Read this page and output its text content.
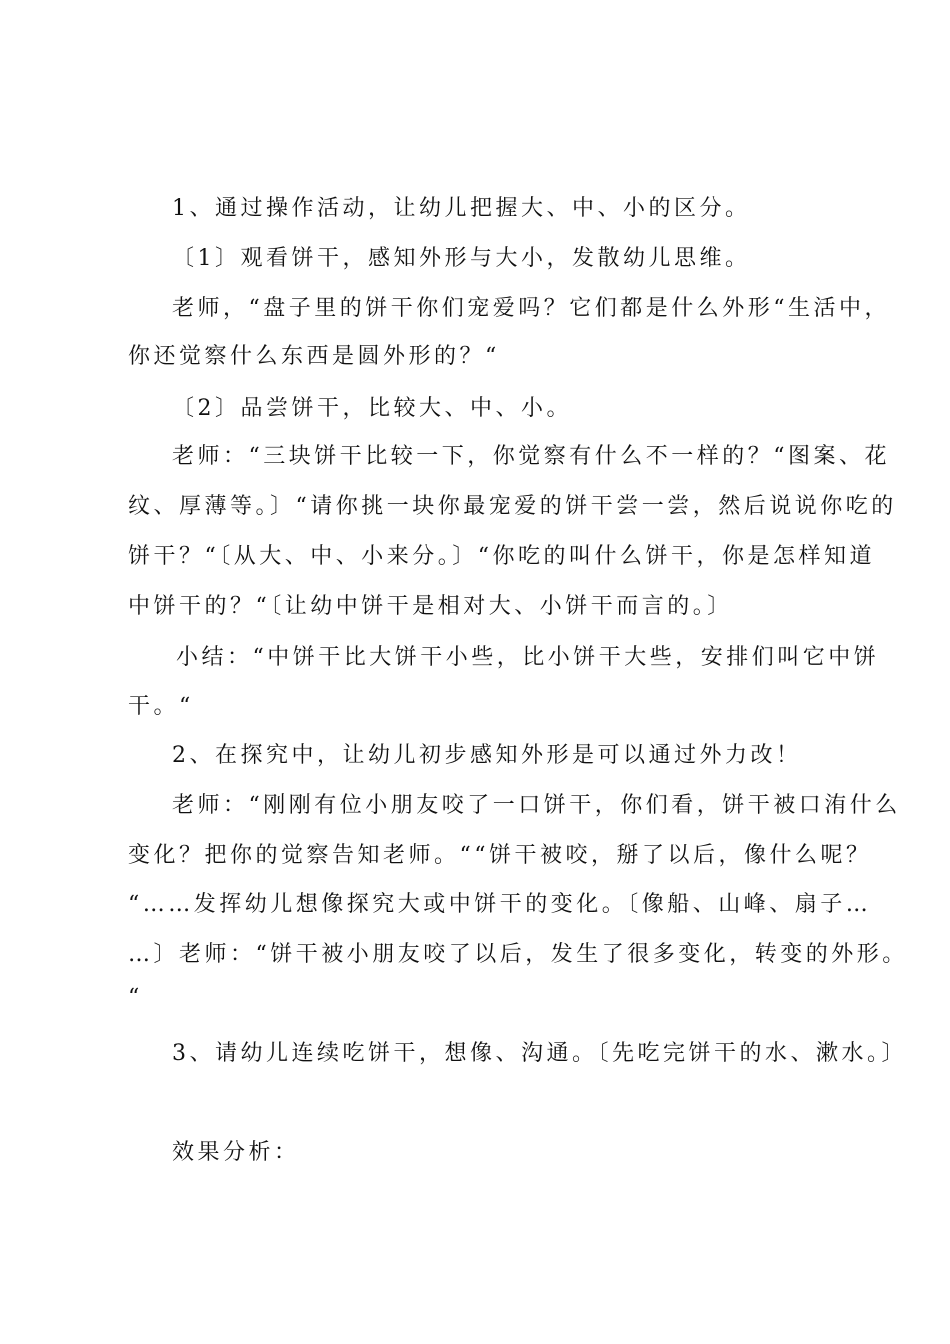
1、通过操作活动，让幼儿把握大、中、小的区分。

〔1〕观看饼干，感知外形与大小，发散幼儿思维。

老师，“盘子里的饼干你们宠爱吗？它们都是什么外形“生活中，

你还觉察什么东西是圆外形的？“

〔2〕品尝饼干，比较大、中、小。

老师：“三块饼干比较一下，你觉察有什么不一样的？“图案、花

纹、厚薄等。〕“请你挑一块你最宠爱的饼干尝一尝，然后说说你吃的

饼干？“〔从大、中、小来分。〕“你吃的叫什么饼干，你是怎样知道

中饼干的？“〔让幼中饼干是相对大、小饼干而言的。〕

小结：“中饼干比大饼干小些，比小饼干大些，安排们叫它中饼

干。“

2、在探究中，让幼儿初步感知外形是可以通过外力改！

老师：“刚刚有位小朋友咬了一口饼干，你们看，饼干被口洧什么

变化？把你的觉察告知老师。““饼干被咬，掰了以后，像什么呢？

“……发挥幼儿想像探究大或中饼干的变化。〔像船、山峰、扇子…

…〕老师：“饼干被小朋友咬了以后，发生了很多变化，转变的外形。

“

3、请幼儿连续吃饼干，想像、沟通。〔先吃完饼干的水、漱水。〕

效果分析：
